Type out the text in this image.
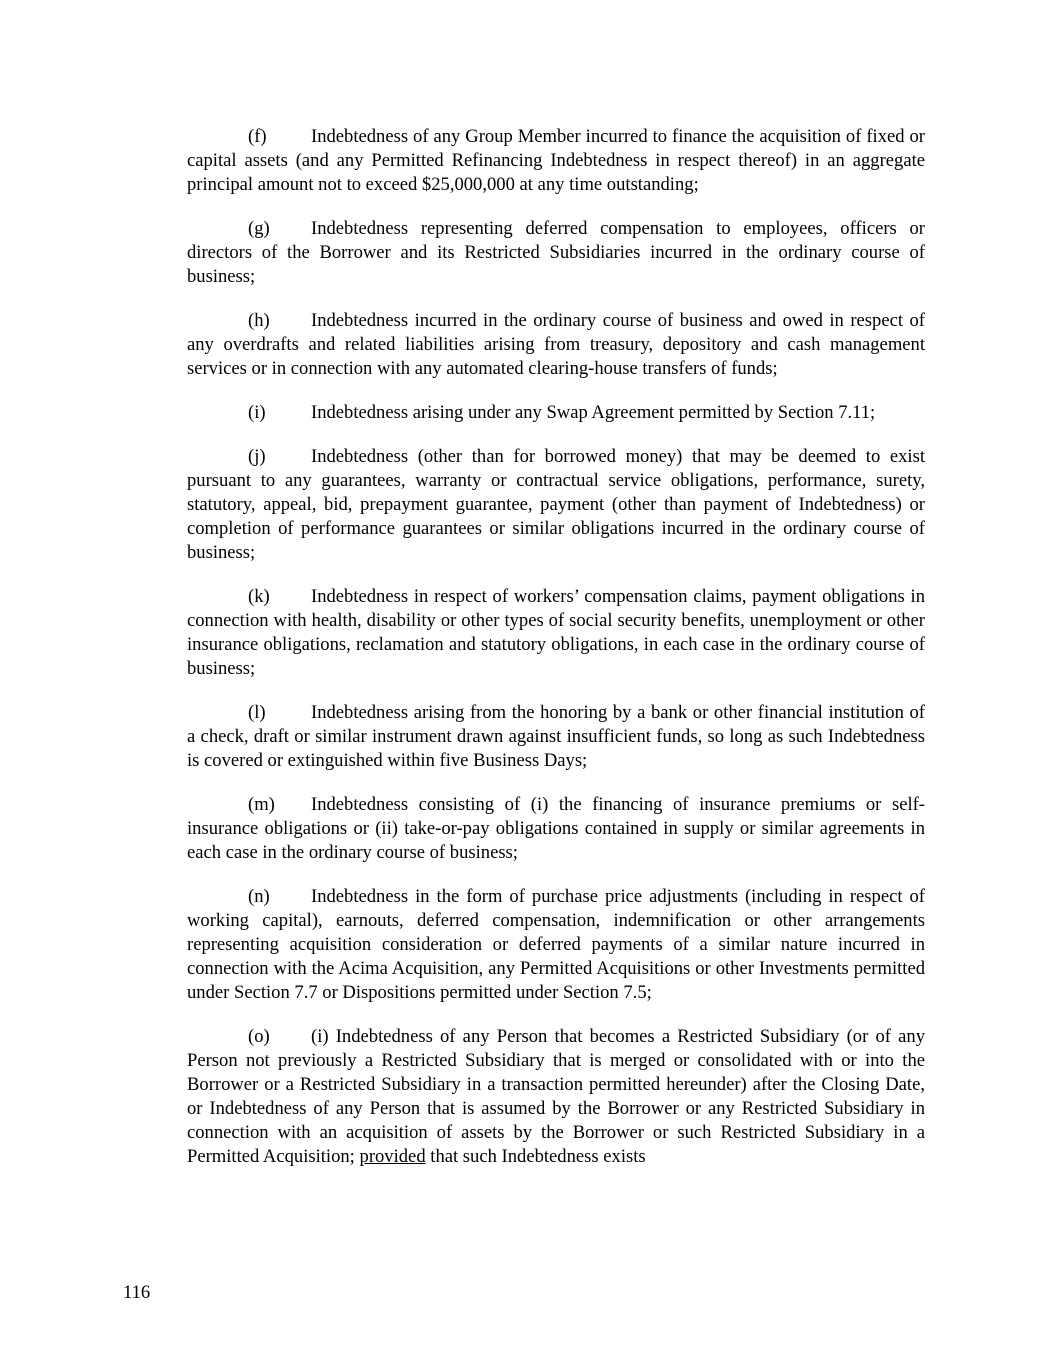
(f) Indebtedness of any Group Member incurred to finance the acquisition of fixed or capital assets (and any Permitted Refinancing Indebtedness in respect thereof) in an aggregate principal amount not to exceed $25,000,000 at any time outstanding;

(g) Indebtedness representing deferred compensation to employees, officers or directors of the Borrower and its Restricted Subsidiaries incurred in the ordinary course of business;

(h) Indebtedness incurred in the ordinary course of business and owed in respect of any overdrafts and related liabilities arising from treasury, depository and cash management services or in connection with any automated clearing-house transfers of funds;

(i) Indebtedness arising under any Swap Agreement permitted by Section 7.11;

(j) Indebtedness (other than for borrowed money) that may be deemed to exist pursuant to any guarantees, warranty or contractual service obligations, performance, surety, statutory, appeal, bid, prepayment guarantee, payment (other than payment of Indebtedness) or completion of performance guarantees or similar obligations incurred in the ordinary course of business;

(k) Indebtedness in respect of workers’ compensation claims, payment obligations in connection with health, disability or other types of social security benefits, unemployment or other insurance obligations, reclamation and statutory obligations, in each case in the ordinary course of business;

(l) Indebtedness arising from the honoring by a bank or other financial institution of a check, draft or similar instrument drawn against insufficient funds, so long as such Indebtedness is covered or extinguished within five Business Days;

(m) Indebtedness consisting of (i) the financing of insurance premiums or self-insurance obligations or (ii) take-or-pay obligations contained in supply or similar agreements in each case in the ordinary course of business;

(n) Indebtedness in the form of purchase price adjustments (including in respect of working capital), earnouts, deferred compensation, indemnification or other arrangements representing acquisition consideration or deferred payments of a similar nature incurred in connection with the Acima Acquisition, any Permitted Acquisitions or other Investments permitted under Section 7.7 or Dispositions permitted under Section 7.5;

(o) (i) Indebtedness of any Person that becomes a Restricted Subsidiary (or of any Person not previously a Restricted Subsidiary that is merged or consolidated with or into the Borrower or a Restricted Subsidiary in a transaction permitted hereunder) after the Closing Date, or Indebtedness of any Person that is assumed by the Borrower or any Restricted Subsidiary in connection with an acquisition of assets by the Borrower or such Restricted Subsidiary in a Permitted Acquisition; provided that such Indebtedness exists

116
